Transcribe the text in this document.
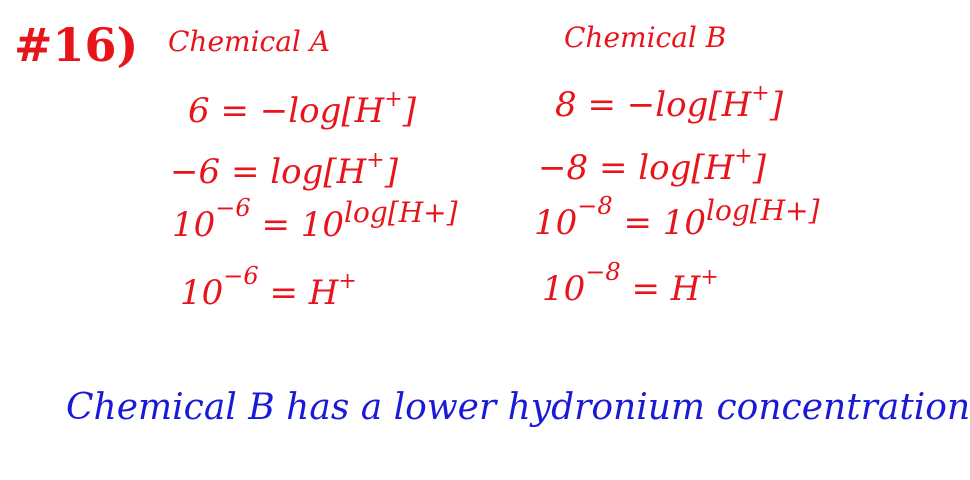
#16) Chemical A	Chemical B
6 = −log[H+]
−6 = log[H+]
$10^{-6} = 10^{log[H+]}$
$10^{-6} = H^+$
8 = −log[H+]
−8 = log[H+]
$10^{-8} = 10^{log[H+]}$
$10^{-8} = H^+$
Chemical B has a lower hydronium concentration
